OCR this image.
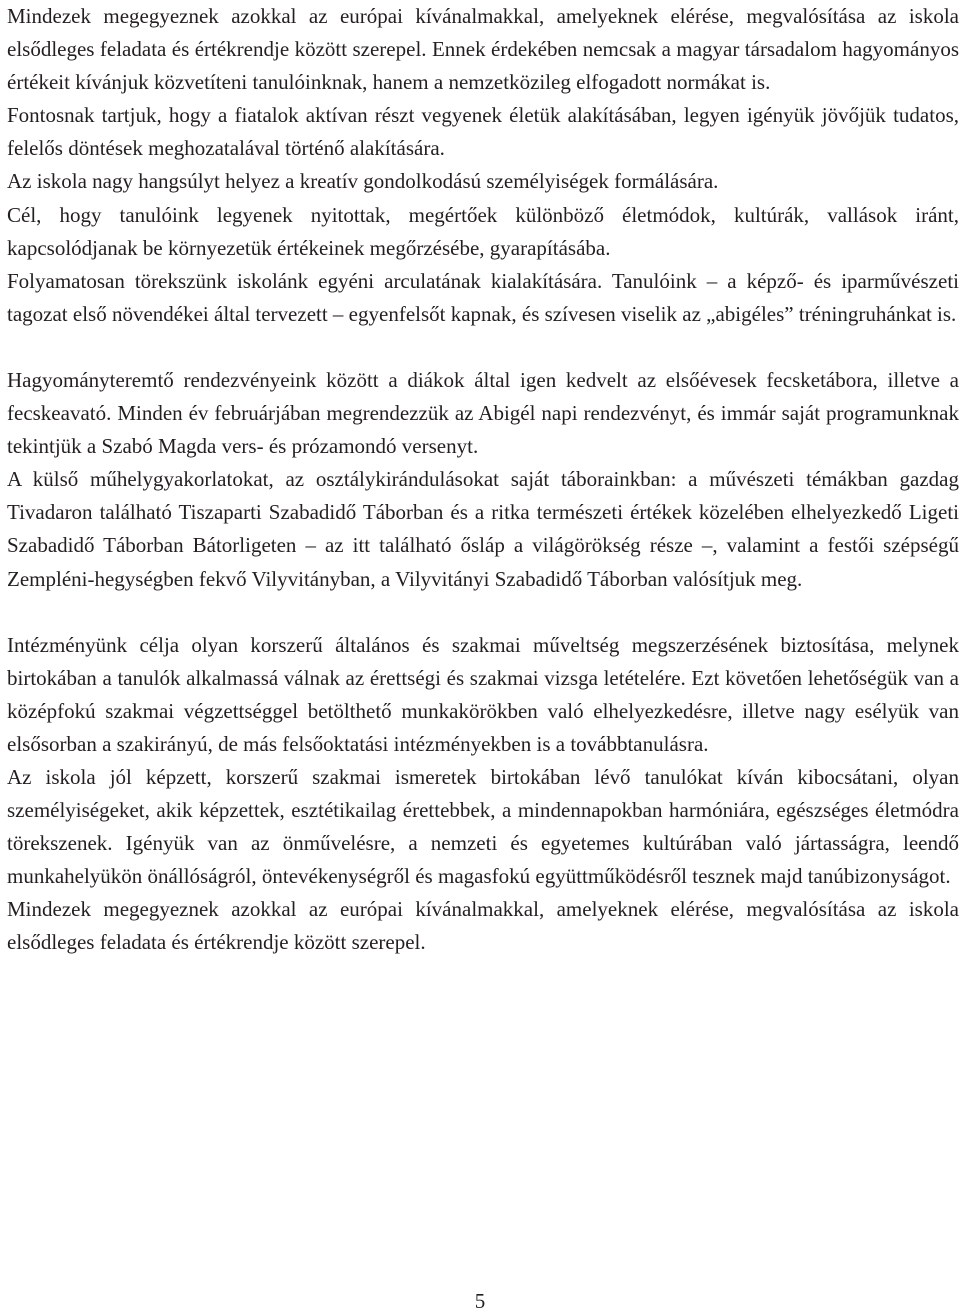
Mindezek megegyeznek azokkal az európai kívánalmakkal, amelyeknek elérése, megvalósítása az iskola elsődleges feladata és értékrendje között szerepel. Ennek érdekében nemcsak a magyar társadalom hagyományos értékeit kívánjuk közvetíteni tanulóinknak, hanem a nemzetközileg elfogadott normákat is.

Fontosnak tartjuk, hogy a fiatalok aktívan részt vegyenek életük alakításában, legyen igényük jövőjük tudatos, felelős döntések meghozatalával történő alakítására.

Az iskola nagy hangsúlyt helyez a kreatív gondolkodású személyiségek formálására.

Cél, hogy tanulóink legyenek nyitottak, megértőek különböző életmódok, kultúrák, vallások iránt, kapcsolódjanak be környezetük értékeinek megőrzésébe, gyarapításába.

Folyamatosan törekszünk iskolánk egyéni arculatának kialakítására. Tanulóink – a képző- és iparművészeti tagozat első növendékei által tervezett – egyenfelsőt kapnak, és szívesen viselik az „abigéles” tréningruhánkat is.

Hagyományteremtő rendezvényeink között a diákok által igen kedvelt az elsőévesek fecsketábora, illetve a fecskeavató. Minden év februárjában megrendezzük az Abigél napi rendezvényt, és immár saját programunknak tekintjük a Szabó Magda vers- és prózamondó versenyt.

A külső műhelygyakorlatokat, az osztálykirándulásokat saját táborainkban: a művészeti témákban gazdag Tivadaron található Tiszaparti Szabadidő Táborban és a ritka természeti értékek közelében elhelyezkedő Ligeti Szabadidő Táborban Bátorligeten – az itt található ősláp a világörökség része –, valamint a festői szépségű Zempléni-hegységben fekvő Vilyvitányban, a Vilyvitányi Szabadidő Táborban valósítjuk meg.

Intézményünk célja olyan korszerű általános és szakmai műveltség megszerzésének biztosítása, melynek birtokában a tanulók alkalmassá válnak az érettségi és szakmai vizsga letételére. Ezt követően lehetőségük van a középfokú szakmai végzettséggel betölthető munkakörökben való elhelyezkedésre, illetve nagy esélyük van elsősorban a szakirányú, de más felsőoktatási intézményekben is a továbbtanulásra.

Az iskola jól képzett, korszerű szakmai ismeretek birtokában lévő tanulókat kíván kibocsátani, olyan személyiségeket, akik képzettek, esztétikailag érettebbek, a mindennapokban harmóniára, egészséges életmódra törekszenek. Igényük van az önművelésre, a nemzeti és egyetemes kultúrában való jártasságra, leendő munkahelyükön önállóságról, öntevékenységről és magasfokú együttműködésről tesznek majd tanúbizonyságot.

Mindezek megegyeznek azokkal az európai kívánalmakkal, amelyeknek elérése, megvalósítása az iskola elsődleges feladata és értékrendje között szerepel.

5
